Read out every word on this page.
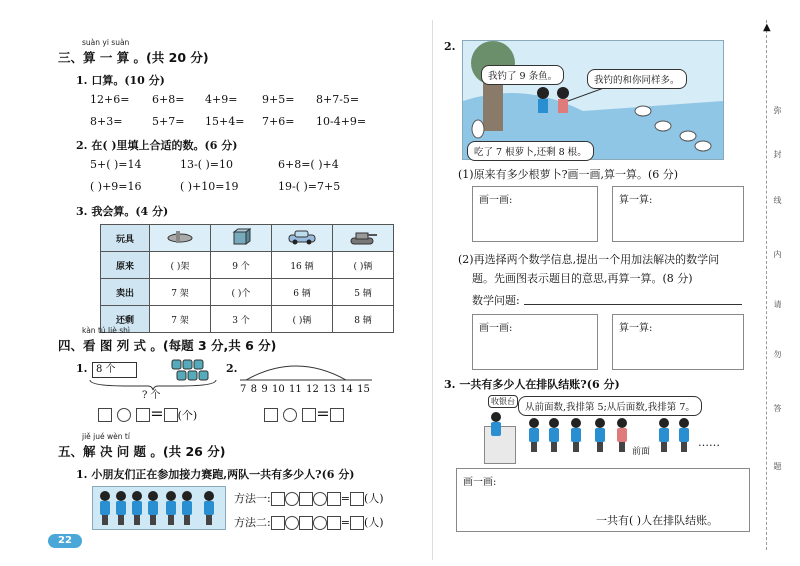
suàn yi suàn
三、算 一 算 。(共 20 分)
1. 口算。(10 分)
12+6= 6+8= 4+9= 9+5= 8+7-5=
8+3=	5+7= 15+4= 7+6= 10-4+9=
2. 在( )里填上合适的数。(6 分)
5+( )=14	13-( )=10	6+8=( )+4
( )+9=16	( )+10=19	19-( )=7+5
3. 我会算。(4 分)
玩具				
原来	( )架	9 个	16 辆	( )辆
卖出	7 架	( )个	6 辆	5 辆
还剩	7 架	3 个	( )辆	8 辆
kàn tú liè shì
四、看 图 列 式 。(每题 3 分,共 6 分)
1. 8 个
? 个
= (个)
2.
7 8 9 10 11 12 13 14 15
=
jiě jué wèn tí
五、解 决 问 题 。(共 26 分)
1. 小朋友们正在参加接力赛跑,两队一共有多少人?(6 分)
方法一:	= (人)
方法二:	= (人)
22
2.
我钓了 9 条鱼。	我钓的和你同样多。
吃了 7 根萝卜,还剩 8 根。
(1)原来有多少根萝卜?画一画,算一算。(6 分)
画一画:	算一算:
(2)再选择两个数学信息,提出一个用加法解决的数学问
题。先画图表示题目的意思,再算一算。(8 分)
数学问题:
画一画:	算一算:
3. 一共有多少人在排队结账?(6 分)
收银台
从前面数,我排第 5;从后面数,我排第 7。
前面
……
画一画:
一共有( )人在排队结账。
▲
弥
封
线
内
请
勿
答
题
